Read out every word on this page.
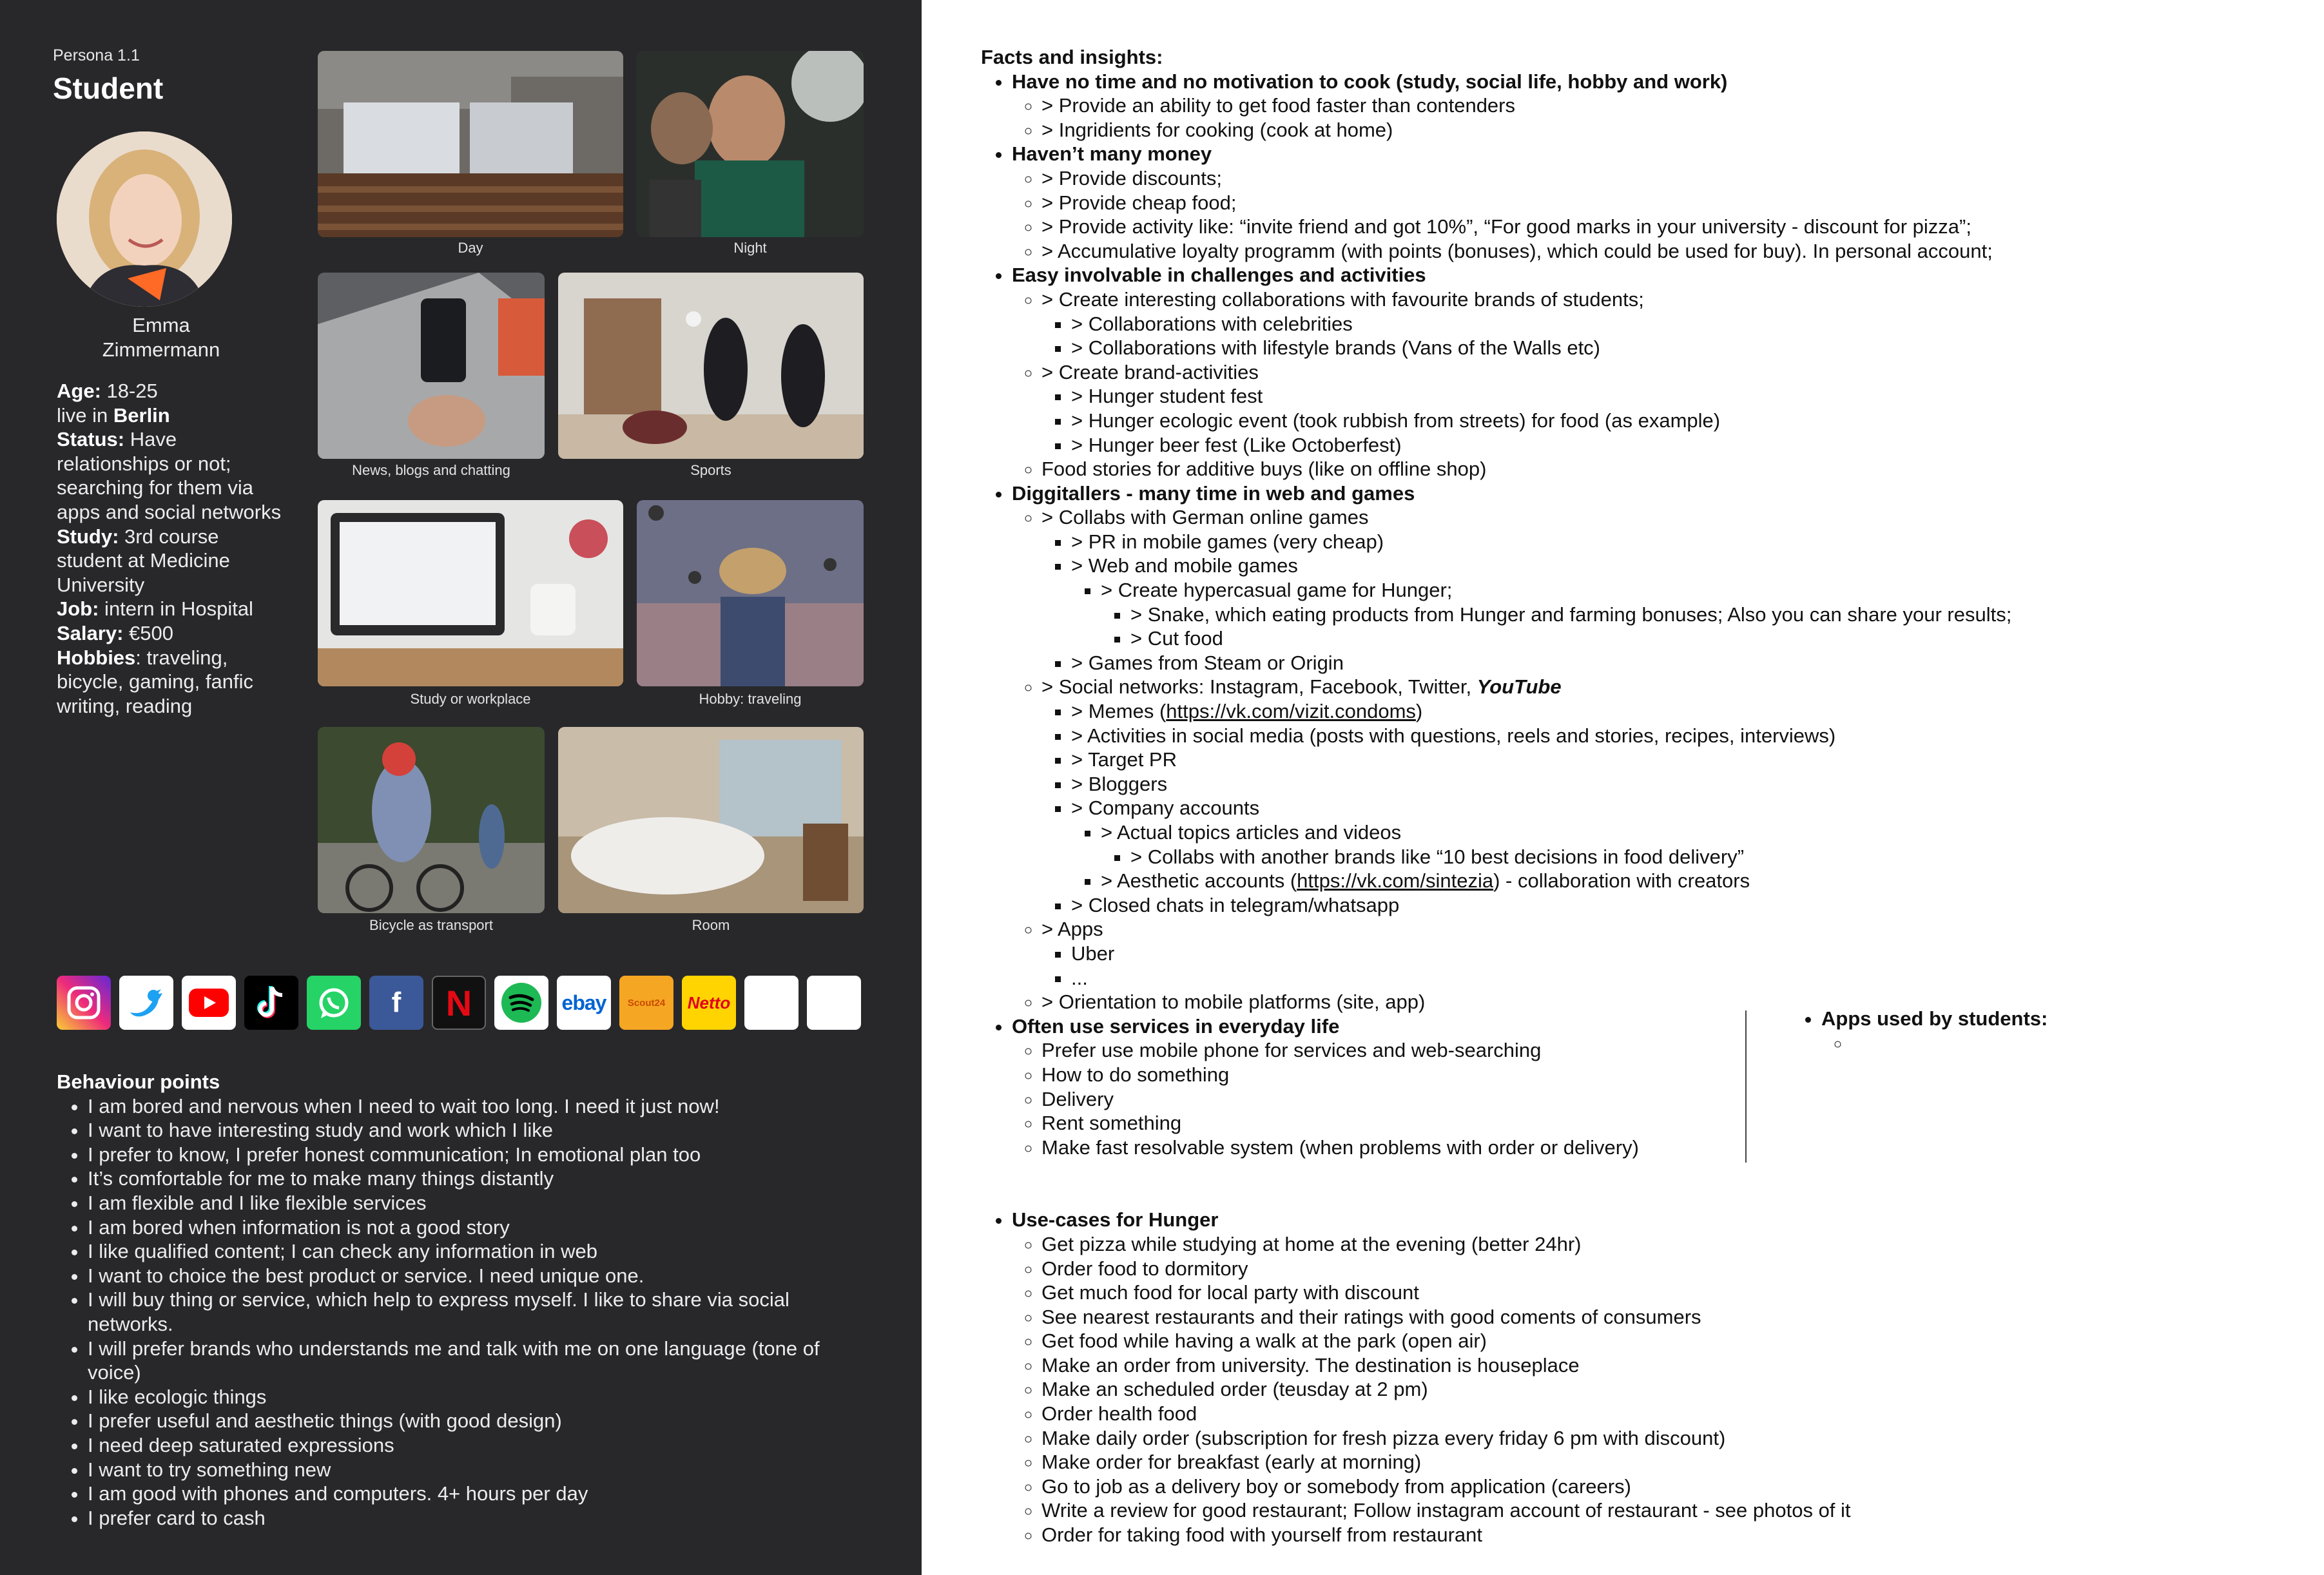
Persona 1.1
Student
Emma
Zimmermann
Age: 18-25
live in Berlin
Status: Have relationships or not; searching for them via apps and social networks
Study: 3rd course student at Medicine University
Job: intern in Hospital
Salary: €500
Hobbies: traveling, bicycle, gaming, fanfic writing, reading
Day	Night
News, blogs and chatting	Sports
Study or workplace	Hobby: traveling
Bicycle as transport	Room
f N	ebay Scout24 Netto
Behaviour points
• I am bored and nervous when I need to wait too long. I need it just now!
• I want to have interesting study and work which I like
• I prefer to know, I prefer honest communication; In emotional plan too
• It’s comfortable for me to make many things distantly
• I am flexible and I like flexible services
• I am bored when information is not a good story
• I like qualified content; I can check any information in web
• I want to choice the best product or service. I need unique one.
• I will buy thing or service, which help to express myself. I like to share via social networks.
• I will prefer brands who understands me and talk with me on one language (tone of voice)
• I like ecologic things
• I prefer useful and aesthetic things (with good design)
• I need deep saturated expressions
• I want to try something new
• I am good with phones and computers. 4+ hours per day
• I prefer card to cash
Facts and insights:
• Have no time and no motivation to cook (study, social life, hobby and work)
◦ > Provide an ability to get food faster than contenders
◦ > Ingridients for cooking (cook at home)
• Haven’t many money
◦ > Provide discounts;
◦ > Provide cheap food;
◦ > Provide activity like: “invite friend and got 10%”, “For good marks in your university - discount for pizza”;
◦ > Accumulative loyalty programm (with points (bonuses), which could be used for buy). In personal account;
• Easy involvable in challenges and activities
◦ > Create interesting collaborations with favourite brands of students;
▪ > Collaborations with celebrities
▪ > Collaborations with lifestyle brands (Vans of the Walls etc)
◦ > Create brand-activities
▪ > Hunger student fest
▪ > Hunger ecologic event (took rubbish from streets) for food (as example)
▪ > Hunger beer fest (Like Octoberfest)
◦ Food stories for additive buys (like on offline shop)
• Diggitallers - many time in web and games
◦ > Collabs with German online games
▪ > PR in mobile games (very cheap)
▪ > Web and mobile games
▪ > Create hypercasual game for Hunger;
▪ > Snake, which eating products from Hunger and farming bonuses; Also you can share your results;
▪ > Cut food
▪ > Games from Steam or Origin
◦ > Social networks: Instagram, Facebook, Twitter, YouTube
▪ > Memes (https://vk.com/vizit.condoms)
▪ > Activities in social media (posts with questions, reels and stories, recipes, interviews)
▪ > Target PR
▪ > Bloggers
▪ > Company accounts
▪ > Actual topics articles and videos
▪ > Collabs with another brands like “10 best decisions in food delivery”
▪ > Aesthetic accounts (https://vk.com/sintezia) - collaboration with creators
▪ > Closed chats in telegram/whatsapp
◦ > Apps
▪ Uber
▪ ...
◦ > Orientation to mobile platforms (site, app)
• Often use services in everyday life
◦ Prefer use mobile phone for services and web-searching
◦ How to do something
◦ Delivery
◦ Rent something
◦ Make fast resolvable system (when problems with order or delivery)
• Use-cases for Hunger
◦ Get pizza while studying at home at the evening (better 24hr)
◦ Order food to dormitory
◦ Get much food for local party with discount
◦ See nearest restaurants and their ratings with good coments of consumers
◦ Get food while having a walk at the park (open air)
◦ Make an order from university. The destination is houseplace
◦ Make an scheduled order (teusday at 2 pm)
◦ Order health food
◦ Make daily order (subscription for fresh pizza every friday 6 pm with discount)
◦ Make order for breakfast (early at morning)
◦ Go to job as a delivery boy or somebody from application (careers)
◦ Write a review for good restaurant; Follow instagram account of restaurant - see photos of it
◦ Order for taking food with yourself from restaurant
• Apps used by students:
◦
